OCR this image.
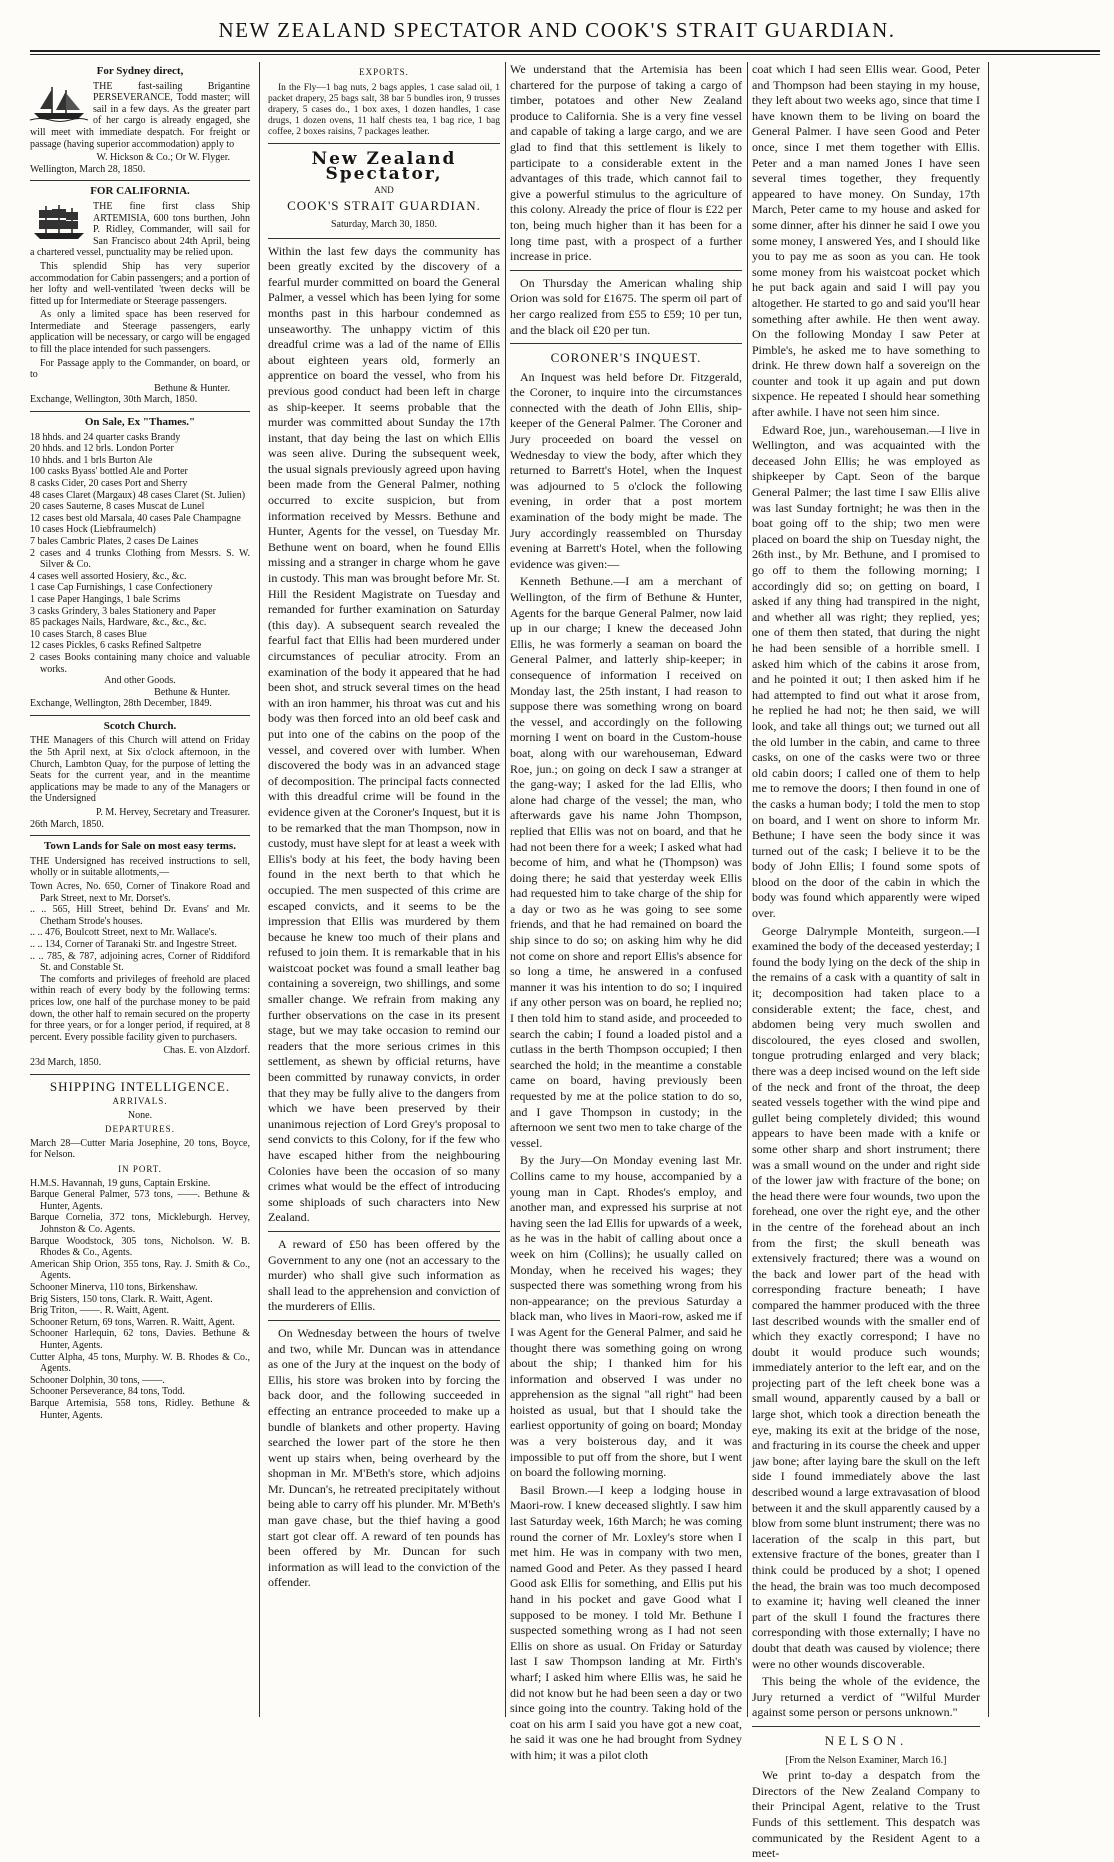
NEW ZEALAND SPECTATOR AND COOK'S STRAIT GUARDIAN.
For Sydney direct,

THE fast-sailing Brigantine PERSEVERANCE, Todd master; will sail in a few days. As the greater part of her cargo is already engaged, she will meet with immediate despatch. For freight or passage (having superior accommodation) apply to

W. Hickson & Co.; Or W. Flyger.
Wellington, March 28, 1850.
FOR CALIFORNIA.

THE fine first class Ship ARTEMISIA, 600 tons burthen, John P. Ridley, Commander, will sail for San Francisco about 24th April, being a chartered vessel, punctuality may be relied upon.

This splendid Ship has very superior accommodation for Cabin passengers; and a portion of her lofty and well-ventilated 'tween decks will be fitted up for Intermediate or Steerage passengers.

As only a limited space has been reserved for Intermediate and Steerage passengers, early application will be necessary, or cargo will be engaged to fill the place intended for such passengers.

For Passage apply to the Commander, on board, or to

Bethune & Hunter.
Exchange, Wellington, 30th March, 1850.
On Sale, Ex "Thames."
18 hhds. and 24 quarter casks Brandy
20 hhds. and 12 brls. London Porter
10 hhds. and 1 brls Burton Ale
100 casks Byass' bottled Ale and Porter
8 casks Cider, 20 cases Port and Sherry
48 cases Claret (Margaux) 48 cases Claret (St. Julien)
20 cases Sauterne, 8 cases Muscat de Lunel
12 cases best old Marsala, 40 cases Pale Champagne
10 cases Hock (Liebfraumelch)
7 bales Cambric Plates, 2 cases De Laines
2 cases and 4 trunks Clothing from Messrs. S. W. Silver & Co.
4 cases well assorted Hosiery, &c., &c.
1 case Cap Furnishings, 1 case Confectionery
1 case Paper Hangings, 1 bale Scrims
3 casks Grindery, 3 bales Stationery and Paper
85 packages Nails, Hardware, &c., &c., &c.
10 cases Starch, 8 cases Blue
12 cases Pickles, 6 casks Refined Saltpetre
2 cases Books containing many choice and valuable works.
And other Goods.
Bethune & Hunter.
Exchange, Wellington, 28th December, 1849.
Scotch Church.

THE Managers of this Church will attend on Friday the 5th April next, at Six o'clock afternoon, in the Church, Lambton Quay, for the purpose of letting the Seats for the current year, and in the meantime applications may be made to any of the Managers or the Undersigned

P. M. Hervey, Secretary and Treasurer.
26th March, 1850.
Town Lands for Sale on most easy terms.

THE Undersigned has received instructions to sell, wholly or in suitable allotments,—

Town Acres, No. 650, Corner of Tinakore Road and Park Street, next to Mr. Dorset's.
.. .. 565, Hill Street, behind Dr. Evans' and Mr. Chetham Strode's houses.
.. .. 476, Boulcott Street, next to Mr. Wallace's.
.. .. 134, Corner of Taranaki Str. and Ingestre Street.
.. .. 785, & 787, adjoining acres, Corner of Riddiford St. and Constable St.

The comforts and privileges of freehold are placed within reach of every body by the following terms: prices low, one half of the purchase money to be paid down, the other half to remain secured on the property for three years, or for a longer period, if required, at 8 percent. Every possible facility given to purchasers.

Chas. E. von Alzdorf.
23d March, 1850.
SHIPPING INTELLIGENCE.
ARRIVALS.
None.
DEPARTURES.

March 28—Cutter Maria Josephine, 20 tons, Boyce, for Nelson.

IN PORT.
H.M.S. Havannah, 19 guns, Captain Erskine.
Barque General Palmer, 573 tons, ——. Bethune & Hunter, Agents.
Barque Cornelia, 372 tons, Mickleburgh. Hervey, Johnston & Co. Agents.
Barque Woodstock, 305 tons, Nicholson. W. B. Rhodes & Co., Agents.
American Ship Orion, 355 tons, Ray. J. Smith & Co., Agents.
Schooner Minerva, 110 tons, Birkenshaw.
Brig Sisters, 150 tons, Clark. R. Waitt, Agent.
Brig Triton, ——. R. Waitt, Agent.
Schooner Return, 69 tons, Warren. R. Waitt, Agent.
Schooner Harlequin, 62 tons, Davies. Bethune & Hunter, Agents.
Cutter Alpha, 45 tons, Murphy. W. B. Rhodes & Co., Agents.
Schooner Dolphin, 30 tons, ——.
Schooner Perseverance, 84 tons, Todd.
Barque Artemisia, 558 tons, Ridley. Bethune & Hunter, Agents.
EXPORTS.

In the Fly—1 bag nuts, 2 bags apples, 1 case salad oil, 1 packet drapery, 25 bags salt, 38 bar 5 bundles iron, 9 trusses drapery, 5 cases do., 1 box axes, 1 dozen handles, 1 case drugs, 1 dozen ovens, 11 half chests tea, 1 bag rice, 1 bag coffee, 2 boxes raisins, 7 packages leather.

New Zealand Spectator,
AND
COOK'S STRAIT GUARDIAN.
Saturday, March 30, 1850.

Within the last few days the community has been greatly excited by the discovery of a fearful murder committed on board the General Palmer, a vessel which has been lying for some months past in this harbour condemned as unseaworthy. The unhappy victim of this dreadful crime was a lad of the name of Ellis about eighteen years old, formerly an apprentice on board the vessel, who from his previous good conduct had been left in charge as ship-keeper. It seems probable that the murder was committed about Sunday the 17th instant, that day being the last on which Ellis was seen alive. During the subsequent week, the usual signals previously agreed upon having been made from the General Palmer, nothing occurred to excite suspicion, but from information received by Messrs. Bethune and Hunter, Agents for the vessel, on Tuesday Mr. Bethune went on board, when he found Ellis missing and a stranger in charge whom he gave in custody. This man was brought before Mr. St. Hill the Resident Magistrate on Tuesday and remanded for further examination on Saturday (this day). A subsequent search revealed the fearful fact that Ellis had been murdered under circumstances of peculiar atrocity. From an examination of the body it appeared that he had been shot, and struck several times on the head with an iron hammer, his throat was cut and his body was then forced into an old beef cask and put into one of the cabins on the poop of the vessel, and covered over with lumber. When discovered the body was in an advanced stage of decomposition. The principal facts connected with this dreadful crime will be found in the evidence given at the Coroner's Inquest, but it is to be remarked that the man Thompson, now in custody, must have slept for at least a week with Ellis's body at his feet, the body having been found in the next berth to that which he occupied. The men suspected of this crime are escaped convicts, and it seems to be the impression that Ellis was murdered by them because he knew too much of their plans and refused to join them. It is remarkable that in his waistcoat pocket was found a small leather bag containing a sovereign, two shillings, and some smaller change. We refrain from making any further observations on the case in its present stage, but we may take occasion to remind our readers that the more serious crimes in this settlement, as shewn by official returns, have been committed by runaway convicts, in order that they may be fully alive to the dangers from which we have been preserved by their unanimous rejection of Lord Grey's proposal to send convicts to this Colony, for if the few who have escaped hither from the neighbouring Colonies have been the occasion of so many crimes what would be the effect of introducing some shiploads of such characters into New Zealand.

A reward of £50 has been offered by the Government to any one (not an accessary to the murder) who shall give such information as shall lead to the apprehension and conviction of the murderers of Ellis.

On Wednesday between the hours of twelve and two, while Mr. Duncan was in attendance as one of the Jury at the inquest on the body of Ellis, his store was broken into by forcing the back door, and the following succeeded in effecting an entrance proceeded to make up a bundle of blankets and other property. Having searched the lower part of the store he then went up stairs when, being overheard by the shopman in Mr. M'Beth's store, which adjoins Mr. Duncan's, he retreated precipitately without being able to carry off his plunder. Mr. M'Beth's man gave chase, but the thief having a good start got clear off. A reward of ten pounds has been offered by Mr. Duncan for such information as will lead to the conviction of the offender.

We understand that the Artemisia has been chartered for the purpose of taking a cargo of timber, potatoes and other New Zealand produce to California. She is a very fine vessel and capable of taking a large cargo, and we are glad to find that this settlement is likely to participate to a considerable extent in the advantages of this trade, which cannot fail to give a powerful stimulus to the agriculture of this colony. Already the price of flour is £22 per ton, being much higher than it has been for a long time past, with a prospect of a further increase in price.

On Thursday the American whaling ship Orion was sold for £1675. The sperm oil part of her cargo realized from £55 to £59; 10 per tun, and the black oil £20 per tun.

CORONER'S INQUEST.

An Inquest was held before Dr. Fitzgerald, the Coroner, to inquire into the circumstances connected with the death of John Ellis, ship-keeper of the General Palmer. The Coroner and Jury proceeded on board the vessel on Wednesday to view the body, after which they returned to Barrett's Hotel, when the Inquest was adjourned to 5 o'clock the following evening, in order that a post mortem examination of the body might be made. The Jury accordingly reassembled on Thursday evening at Barrett's Hotel, when the following evidence was given:—

Kenneth Bethune.—I am a merchant of Wellington, of the firm of Bethune & Hunter, Agents for the barque General Palmer, now laid up in our charge; I knew the deceased John Ellis, he was formerly a seaman on board the General Palmer, and latterly ship-keeper; in consequence of information I received on Monday last, the 25th instant, I had reason to suppose there was something wrong on board the vessel, and accordingly on the following morning I went on board in the Custom-house boat, along with our warehouseman, Edward Roe, jun.; on going on deck I saw a stranger at the gang-way; I asked for the lad Ellis, who alone had charge of the vessel; the man, who afterwards gave his name John Thompson, replied that Ellis was not on board, and that he had not been there for a week; I asked what had become of him, and what he (Thompson) was doing there; he said that yesterday week Ellis had requested him to take charge of the ship for a day or two as he was going to see some friends, and that he had remained on board the ship since to do so; on asking him why he did not come on shore and report Ellis's absence for so long a time, he answered in a confused manner it was his intention to do so; I inquired if any other person was on board, he replied no; I then told him to stand aside, and proceeded to search the cabin; I found a loaded pistol and a cutlass in the berth Thompson occupied; I then searched the hold; in the meantime a constable came on board, having previously been requested by me at the police station to do so, and I gave Thompson in custody; in the afternoon we sent two men to take charge of the vessel.

By the Jury—On Monday evening last Mr. Collins came to my house, accompanied by a young man in Capt. Rhodes's employ, and another man, and expressed his surprise at not having seen the lad Ellis for upwards of a week, as he was in the habit of calling about once a week on him (Collins); he usually called on Monday, when he received his wages; they suspected there was something wrong from his non-appearance; on the previous Saturday a black man, who lives in Maori-row, asked me if I was Agent for the General Palmer, and said he thought there was something going on wrong about the ship; I thanked him for his information and observed I was under no apprehension as the signal "all right" had been hoisted as usual, but that I should take the earliest opportunity of going on board; Monday was a very boisterous day, and it was impossible to put off from the shore, but I went on board the following morning.

Basil Brown.—I keep a lodging house in Maori-row. I knew deceased slightly. I saw him last Saturday week, 16th March; he was coming round the corner of Mr. Loxley's store when I met him. He was in company with two men, named Good and Peter. As they passed I heard Good ask Ellis for something, and Ellis put his hand in his pocket and gave Good what I supposed to be money. I told Mr. Bethune I suspected something wrong as I had not seen Ellis on shore as usual. On Friday or Saturday last I saw Thompson landing at Mr. Firth's wharf; I asked him where Ellis was, he said he did not know but he had been seen a day or two since going into the country. Taking hold of the coat on his arm I said you have got a new coat, he said it was one he had brought from Sydney with him; it was a pilot cloth

coat which I had seen Ellis wear. Good, Peter and Thompson had been staying in my house, they left about two weeks ago, since that time I have known them to be living on board the General Palmer. I have seen Good and Peter once, since I met them together with Ellis. Peter and a man named Jones I have seen several times together, they frequently appeared to have money. On Sunday, 17th March, Peter came to my house and asked for some dinner, after his dinner he said I owe you some money, I answered Yes, and I should like you to pay me as soon as you can. He took some money from his waistcoat pocket which he put back again and said I will pay you altogether. He started to go and said you'll hear something after awhile. He then went away. On the following Monday I saw Peter at Pimble's, he asked me to have something to drink. He threw down half a sovereign on the counter and took it up again and put down sixpence. He repeated I should hear something after awhile. I have not seen him since.

Edward Roe, jun., warehouseman.—I live in Wellington, and was acquainted with the deceased John Ellis; he was employed as shipkeeper by Capt. Seon of the barque General Palmer; the last time I saw Ellis alive was last Sunday fortnight; he was then in the boat going off to the ship; two men were placed on board the ship on Tuesday night, the 26th inst., by Mr. Bethune, and I promised to go off to them the following morning; I accordingly did so; on getting on board, I asked if any thing had transpired in the night, and whether all was right; they replied, yes; one of them then stated, that during the night he had been sensible of a horrible smell. I asked him which of the cabins it arose from, and he pointed it out; I then asked him if he had attempted to find out what it arose from, he replied he had not; he then said, we will look, and take all things out; we turned out all the old lumber in the cabin, and came to three casks, on one of the casks were two or three old cabin doors; I called one of them to help me to remove the doors; I then found in one of the casks a human body; I told the men to stop on board, and I went on shore to inform Mr. Bethune; I have seen the body since it was turned out of the cask; I believe it to be the body of John Ellis; I found some spots of blood on the door of the cabin in which the body was found which apparently were wiped over.

George Dalrymple Monteith, surgeon.—I examined the body of the deceased yesterday; I found the body lying on the deck of the ship in the remains of a cask with a quantity of salt in it; decomposition had taken place to a considerable extent; the face, chest, and abdomen being very much swollen and discoloured, the eyes closed and swollen, tongue protruding enlarged and very black; there was a deep incised wound on the left side of the neck and front of the throat, the deep seated vessels together with the wind pipe and gullet being completely divided; this wound appears to have been made with a knife or some other sharp and short instrument; there was a small wound on the under and right side of the lower jaw with fracture of the bone; on the head there were four wounds, two upon the forehead, one over the right eye, and the other in the centre of the forehead about an inch from the first; the skull beneath was extensively fractured; there was a wound on the back and lower part of the head with corresponding fracture beneath; I have compared the hammer produced with the three last described wounds with the smaller end of which they exactly correspond; I have no doubt it would produce such wounds; immediately anterior to the left ear, and on the projecting part of the left cheek bone was a small wound, apparently caused by a ball or large shot, which took a direction beneath the eye, making its exit at the bridge of the nose, and fracturing in its course the cheek and upper jaw bone; after laying bare the skull on the left side I found immediately above the last described wound a large extravasation of blood between it and the skull apparently caused by a blow from some blunt instrument; there was no laceration of the scalp in this part, but extensive fracture of the bones, greater than I think could be produced by a shot; I opened the head, the brain was too much decomposed to examine it; having well cleaned the inner part of the skull I found the fractures there corresponding with those externally; I have no doubt that death was caused by violence; there were no other wounds discoverable.

This being the whole of the evidence, the Jury returned a verdict of "Wilful Murder against some person or persons unknown."

NELSON.
[From the Nelson Examiner, March 16.]

We print to-day a despatch from the Directors of the New Zealand Company to their Principal Agent, relative to the Trust Funds of this settlement. This despatch was communicated by the Resident Agent to a meet-
